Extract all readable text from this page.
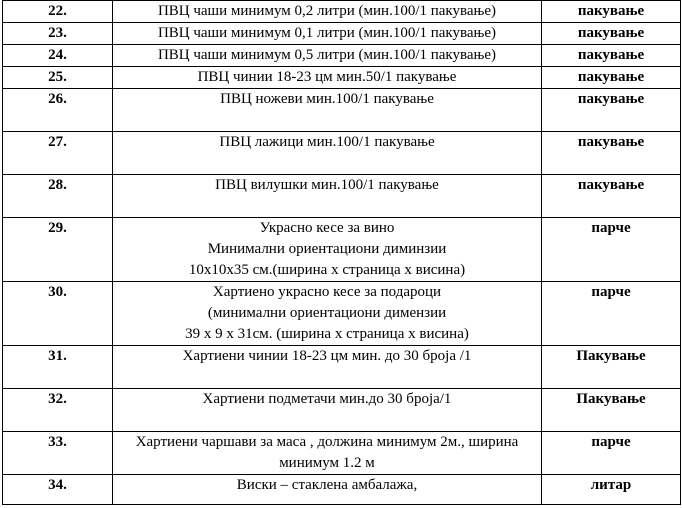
22.	ПВЦ чаши минимум 0,2 литри (мин.100/1 пакување)	пакување
23.	ПВЦ чаши минимум 0,1 литри (мин.100/1 пакување)	пакување
24.	ПВЦ чаши минимум 0,5 литри (мин.100/1 пакување)	пакување
25.	ПВЦ чинии 18-23 цм мин.50/1 пакување	пакување
26.	ПВЦ ножеви мин.100/1 пакување	пакување
27.	ПВЦ лажици мин.100/1 пакување	пакување
28.	ПВЦ вилушки мин.100/1 пакување	пакување
29.	Украсно кесе за вино
Минимални ориентациони диминзии
10x10x35 см.(ширина x страница x висина)	парче
30.	Хартиено украсно кесе за подароци
(минимални ориентациони димензии
39 x 9 x 31см. (ширина x страница x висина)	парче
31.	Хартиени чинии 18-23 цм мин. до 30 броја /1	Пакување
32.	Хартиени подметачи мин.до 30 броја/1	Пакување
33.	Хартиени чаршави за маса , должина минимум 2м., ширина
минимум 1.2 м	парче
34.	Виски – стаклена амбалажа,	литар
